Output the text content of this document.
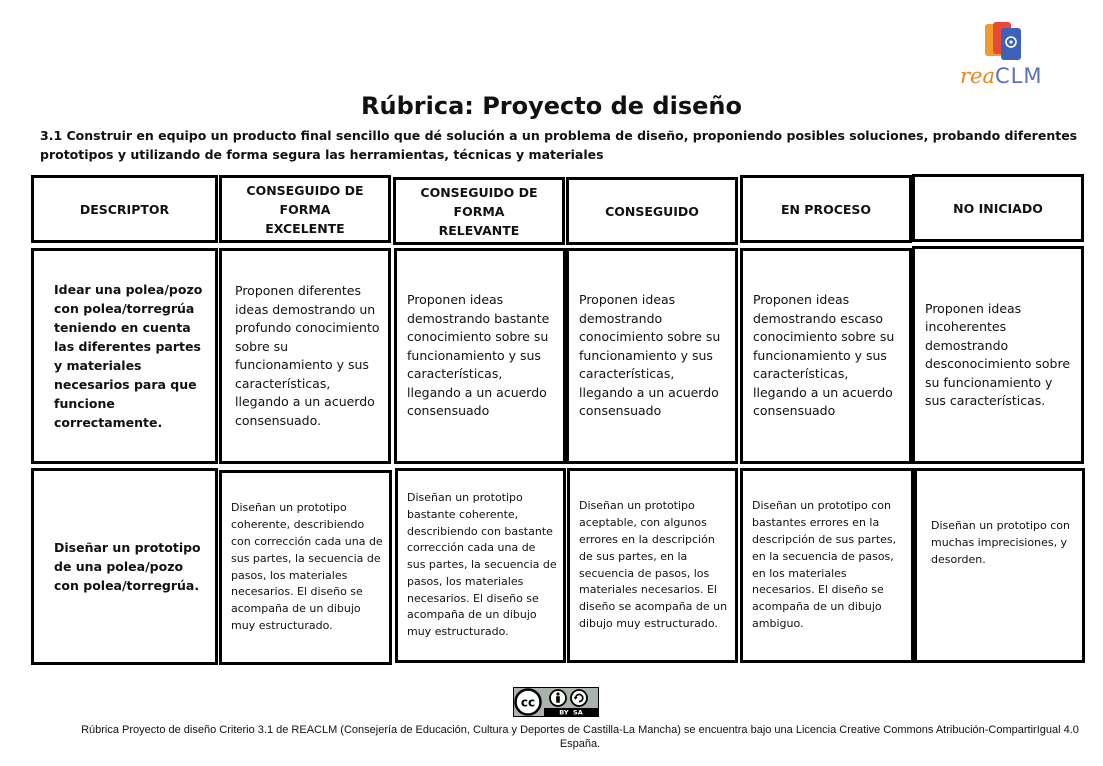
reaCLM
Rúbrica: Proyecto de diseño
3.1 Construir en equipo un producto final sencillo que dé solución a un problema de diseño, proponiendo posibles soluciones, probando diferentes prototipos y utilizando de forma segura las herramientas, técnicas y materiales
DESCRIPTOR
CONSEGUIDO DE
FORMA
EXCELENTE
CONSEGUIDO DE
FORMA
RELEVANTE
CONSEGUIDO	EN PROCESO	NO INICIADO
Idear una polea/pozo con polea/torregrúa teniendo en cuenta las diferentes partes y materiales necesarios para que funcione correctamente.
Proponen diferentes ideas demostrando un profundo conocimiento sobre su funcionamiento y sus características, llegando a un acuerdo consensuado.
Proponen ideas demostrando bastante conocimiento sobre su funcionamiento y sus características, llegando a un acuerdo consensuado
Proponen ideas demostrando conocimiento sobre su funcionamiento y sus características, llegando a un acuerdo consensuado
Proponen ideas demostrando escaso conocimiento sobre su funcionamiento y sus características, llegando a un acuerdo consensuado
Proponen ideas incoherentes demostrando desconocimiento sobre su funcionamiento y sus características.
Diseñar un prototipo de una polea/pozo con polea/torregrúa.
Diseñan un prototipo coherente, describiendo con corrección cada una de sus partes, la secuencia de pasos, los materiales necesarios. El diseño se acompaña de un dibujo muy estructurado.
Diseñan un prototipo bastante coherente, describiendo con bastante corrección cada una de sus partes, la secuencia de pasos, los materiales necesarios. El diseño se acompaña de un dibujo muy estructurado.
Diseñan un prototipo aceptable, con algunos errores en la descripción de sus partes, en la secuencia de pasos, los materiales necesarios. El diseño se acompaña de un dibujo muy estructurado.
Diseñan un prototipo con bastantes errores en la descripción de sus partes, en la secuencia de pasos, en los materiales necesarios. El diseño se acompaña de un dibujo ambiguo.
Diseñan un prototipo con muchas imprecisiones, y desorden.
cc
BY  SA
Rúbrica Proyecto de diseño Criterio 3.1 de REACLM (Consejería de Educación, Cultura y Deportes de Castilla-La Mancha) se encuentra bajo una Licencia Creative Commons Atribución-CompartirIgual 4.0 España.
